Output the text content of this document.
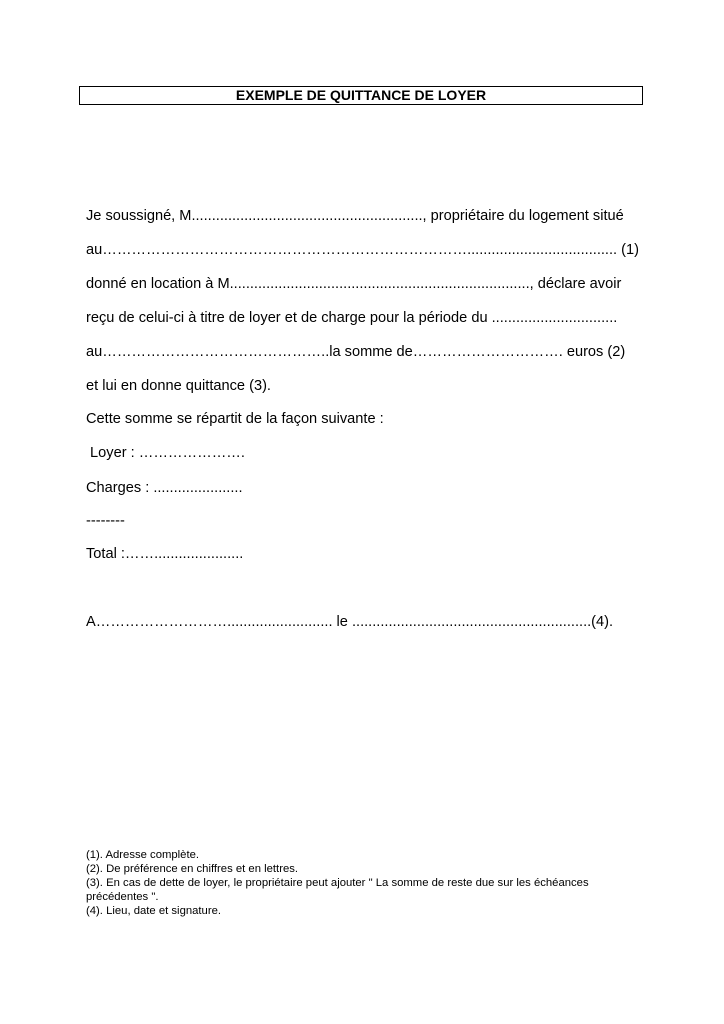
EXEMPLE DE QUITTANCE DE LOYER
Je soussigné, M........................................................., propriétaire du logement situé
au…………………………………………………………………..................................... (1)
donné en location à M.........................................................................., déclare avoir
reçu de celui-ci à titre de loyer et de charge pour la période du ...............................
au………………………………………..la somme de…………………………. euros (2)
et lui en donne quittance (3).
Cette somme se répartit de la façon suivante :
Loyer : ………………….
Charges : ......................
--------
Total :……......................
A……………………….......................... le ...........................................................(4).
(1). Adresse complète.
(2). De préférence en chiffres et en lettres.
(3). En cas de dette de loyer, le propriétaire peut ajouter " La somme de reste due sur les échéances
précédentes ".
(4). Lieu, date et signature.
